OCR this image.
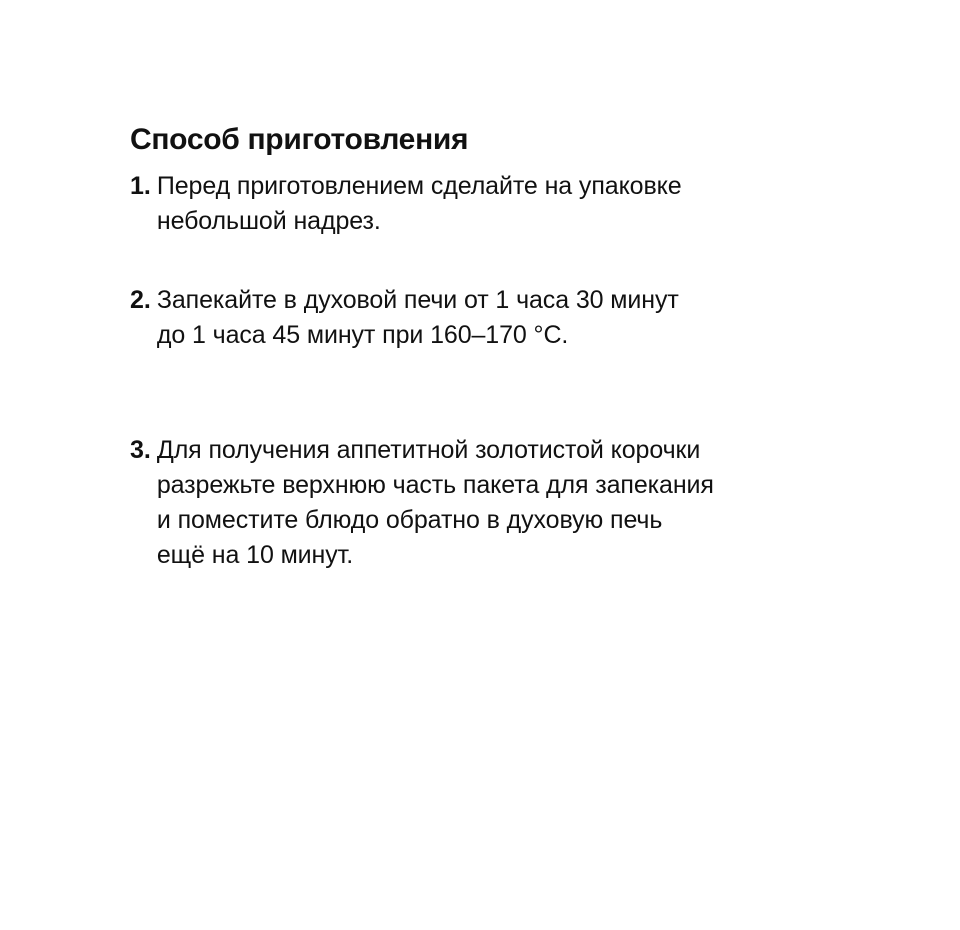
Способ приготовления
1. Перед приготовлением сделайте на упаковке
небольшой надрез.
2. Запекайте в духовой печи от 1 часа 30 минут
до 1 часа 45 минут при 160–170 °С.
3. Для получения аппетитной золотистой корочки
разрежьте верхнюю часть пакета для запекания
и поместите блюдо обратно в духовую печь
ещё на 10 минут.
